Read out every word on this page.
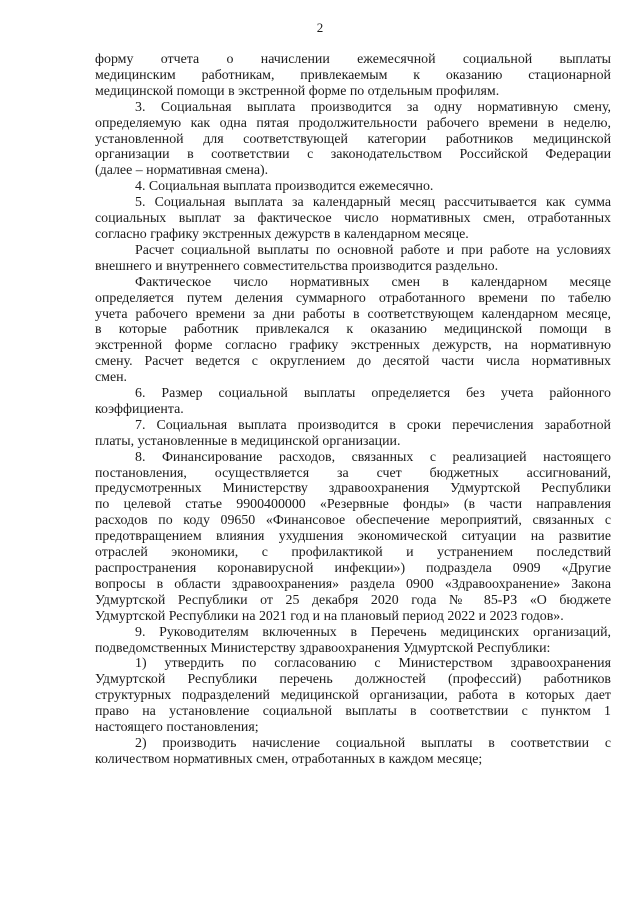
2

форму отчета о начислении ежемесячной социальной выплаты
медицинским работникам, привлекаемым к оказанию стационарной
медицинской помощи в экстренной форме по отдельным профилям.

3. Социальная выплата производится за одну нормативную смену,
определяемую как одна пятая продолжительности рабочего времени в неделю,
установленной для соответствующей категории работников медицинской
организации в соответствии с законодательством Российской Федерации
(далее – нормативная смена).

4. Социальная выплата производится ежемесячно.

5. Социальная выплата за календарный месяц рассчитывается как сумма
социальных выплат за фактическое число нормативных смен, отработанных
согласно графику экстренных дежурств в календарном месяце.

Расчет социальной выплаты по основной работе и при работе на условиях
внешнего и внутреннего совместительства производится раздельно.

Фактическое число нормативных смен в календарном месяце
определяется путем деления суммарного отработанного времени по табелю
учета рабочего времени за дни работы в соответствующем календарном месяце,
в которые работник привлекался к оказанию медицинской помощи в
экстренной форме согласно графику экстренных дежурств, на нормативную
смену. Расчет ведется с округлением до десятой части числа нормативных
смен.

6. Размер социальной выплаты определяется без учета районного
коэффициента.

7. Социальная выплата производится в сроки перечисления заработной
платы, установленные в медицинской организации.

8. Финансирование расходов, связанных с реализацией настоящего
постановления, осуществляется за счет бюджетных ассигнований,
предусмотренных Министерству здравоохранения Удмуртской Республики
по целевой статье 9900400000 «Резервные фонды» (в части направления
расходов по коду 09650 «Финансовое обеспечение мероприятий, связанных с
предотвращением влияния ухудшения экономической ситуации на развитие
отраслей экономики, с профилактикой и устранением последствий
распространения коронавирусной инфекции») подраздела 0909 «Другие
вопросы в области здравоохранения» раздела 0900 «Здравоохранение» Закона
Удмуртской Республики от 25 декабря 2020 года № 85-РЗ «О бюджете
Удмуртской Республики на 2021 год и на плановый период 2022 и 2023 годов».

9. Руководителям включенных в Перечень медицинских организаций,
подведомственных Министерству здравоохранения Удмуртской Республики:

1) утвердить по согласованию с Министерством здравоохранения
Удмуртской Республики перечень должностей (профессий) работников
структурных подразделений медицинской организации, работа в которых дает
право на установление социальной выплаты в соответствии с пунктом 1
настоящего постановления;

2) производить начисление социальной выплаты в соответствии с
количеством нормативных смен, отработанных в каждом месяце;
